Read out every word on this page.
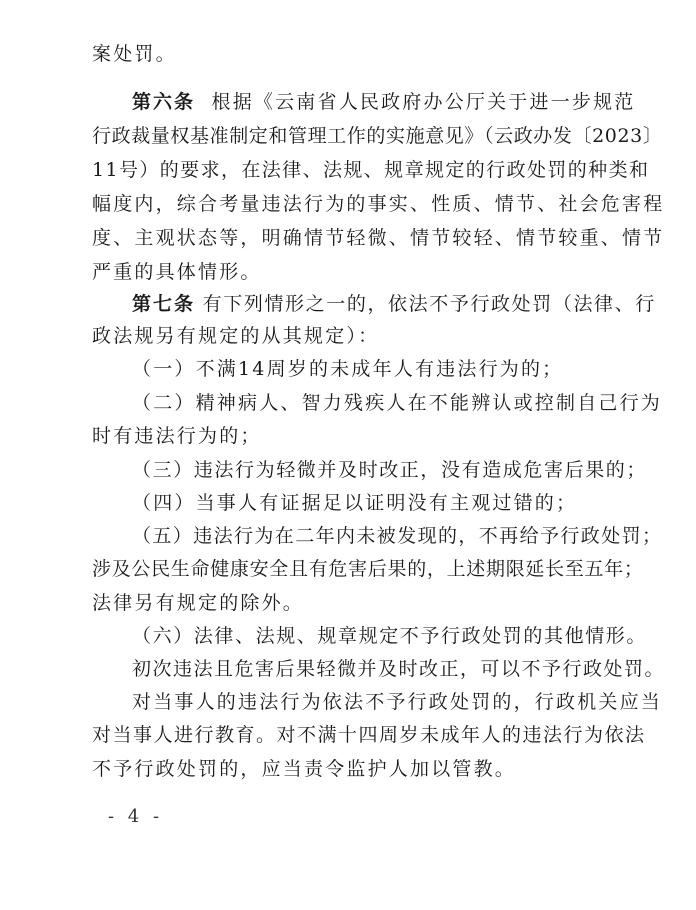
案处罚。
第六条 根据《云南省人民政府办公厅关于进一步规范
行政裁量权基准制定和管理工作的实施意见》（云政办发〔2023〕
11号）的要求，在法律、法规、规章规定的行政处罚的种类和
幅度内，综合考量违法行为的事实、性质、情节、社会危害程
度、主观状态等，明确情节轻微、情节较轻、情节较重、情节
严重的具体情形。
第七条 有下列情形之一的，依法不予行政处罚（法律、行
政法规另有规定的从其规定）：
（一）不满14周岁的未成年人有违法行为的；
（二）精神病人、智力残疾人在不能辨认或控制自己行为
时有违法行为的；
（三）违法行为轻微并及时改正，没有造成危害后果的；
（四）当事人有证据足以证明没有主观过错的；
（五）违法行为在二年内未被发现的，不再给予行政处罚；
涉及公民生命健康安全且有危害后果的，上述期限延长至五年；
法律另有规定的除外。
（六）法律、法规、规章规定不予行政处罚的其他情形。
初次违法且危害后果轻微并及时改正，可以不予行政处罚。
对当事人的违法行为依法不予行政处罚的，行政机关应当
对当事人进行教育。对不满十四周岁未成年人的违法行为依法
不予行政处罚的，应当责令监护人加以管教。
- 4 -
